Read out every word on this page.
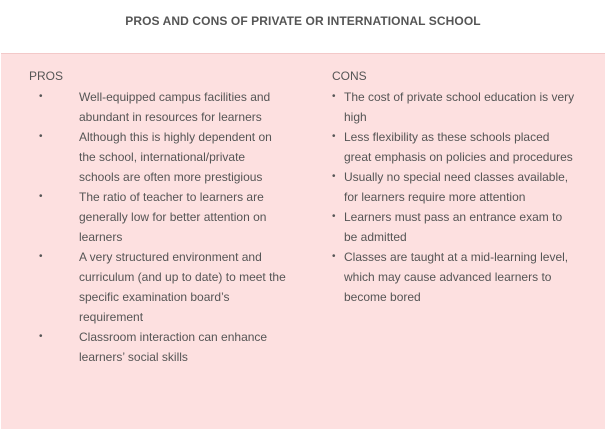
PROS AND CONS OF PRIVATE OR INTERNATIONAL SCHOOL
PROS
•	Well-equipped campus facilities and abundant in resources for learners
•	Although this is highly dependent on the school, international/private schools are often more prestigious
•	The ratio of teacher to learners are generally low for better attention on learners
•	A very structured environment and curriculum (and up to date) to meet the specific examination board’s requirement
•	Classroom interaction can enhance learners’ social skills
CONS
• The cost of private school education is very high
• Less flexibility as these schools placed great emphasis on policies and procedures
• Usually no special need classes available, for learners require more attention
• Learners must pass an entrance exam to be admitted
• Classes are taught at a mid-learning level, which may cause advanced learners to become bored
